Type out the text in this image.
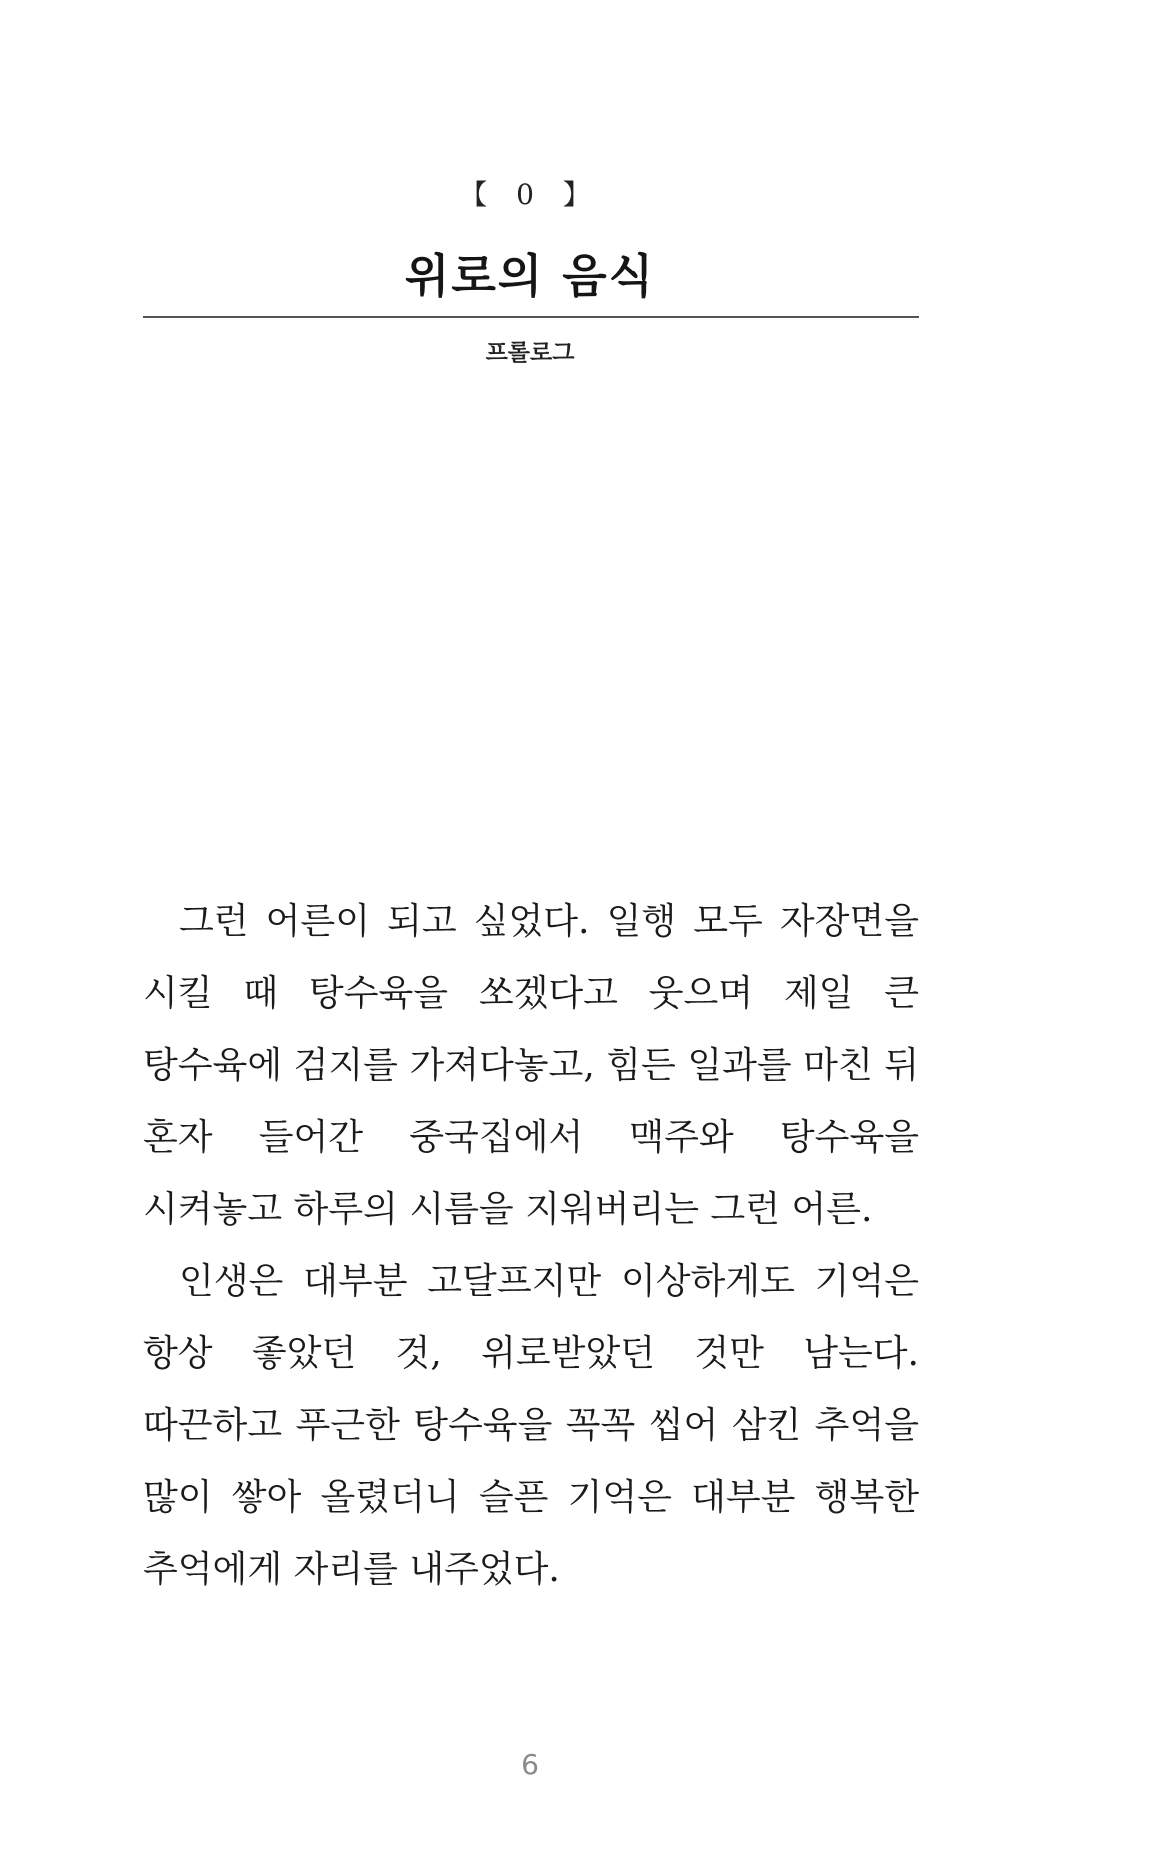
【 0 】
위로의 음식
프롤로그

그런 어른이 되고 싶었다. 일행 모두 자장면을 시킬 때 탕수육을 쏘겠다고 웃으며 제일 큰 탕수육에 검지를 가져다놓고, 힘든 일과를 마친 뒤 혼자 들어간 중국집에서 맥주와 탕수육을 시켜놓고 하루의 시름을 지워버리는 그런 어른.

인생은 대부분 고달프지만 이상하게도 기억은 항상 좋았던 것, 위로받았던 것만 남는다. 따끈하고 푸근한 탕수육을 꼭꼭 씹어 삼킨 추억을 많이 쌓아 올렸더니 슬픈 기억은 대부분 행복한 추억에게 자리를 내주었다.

6
